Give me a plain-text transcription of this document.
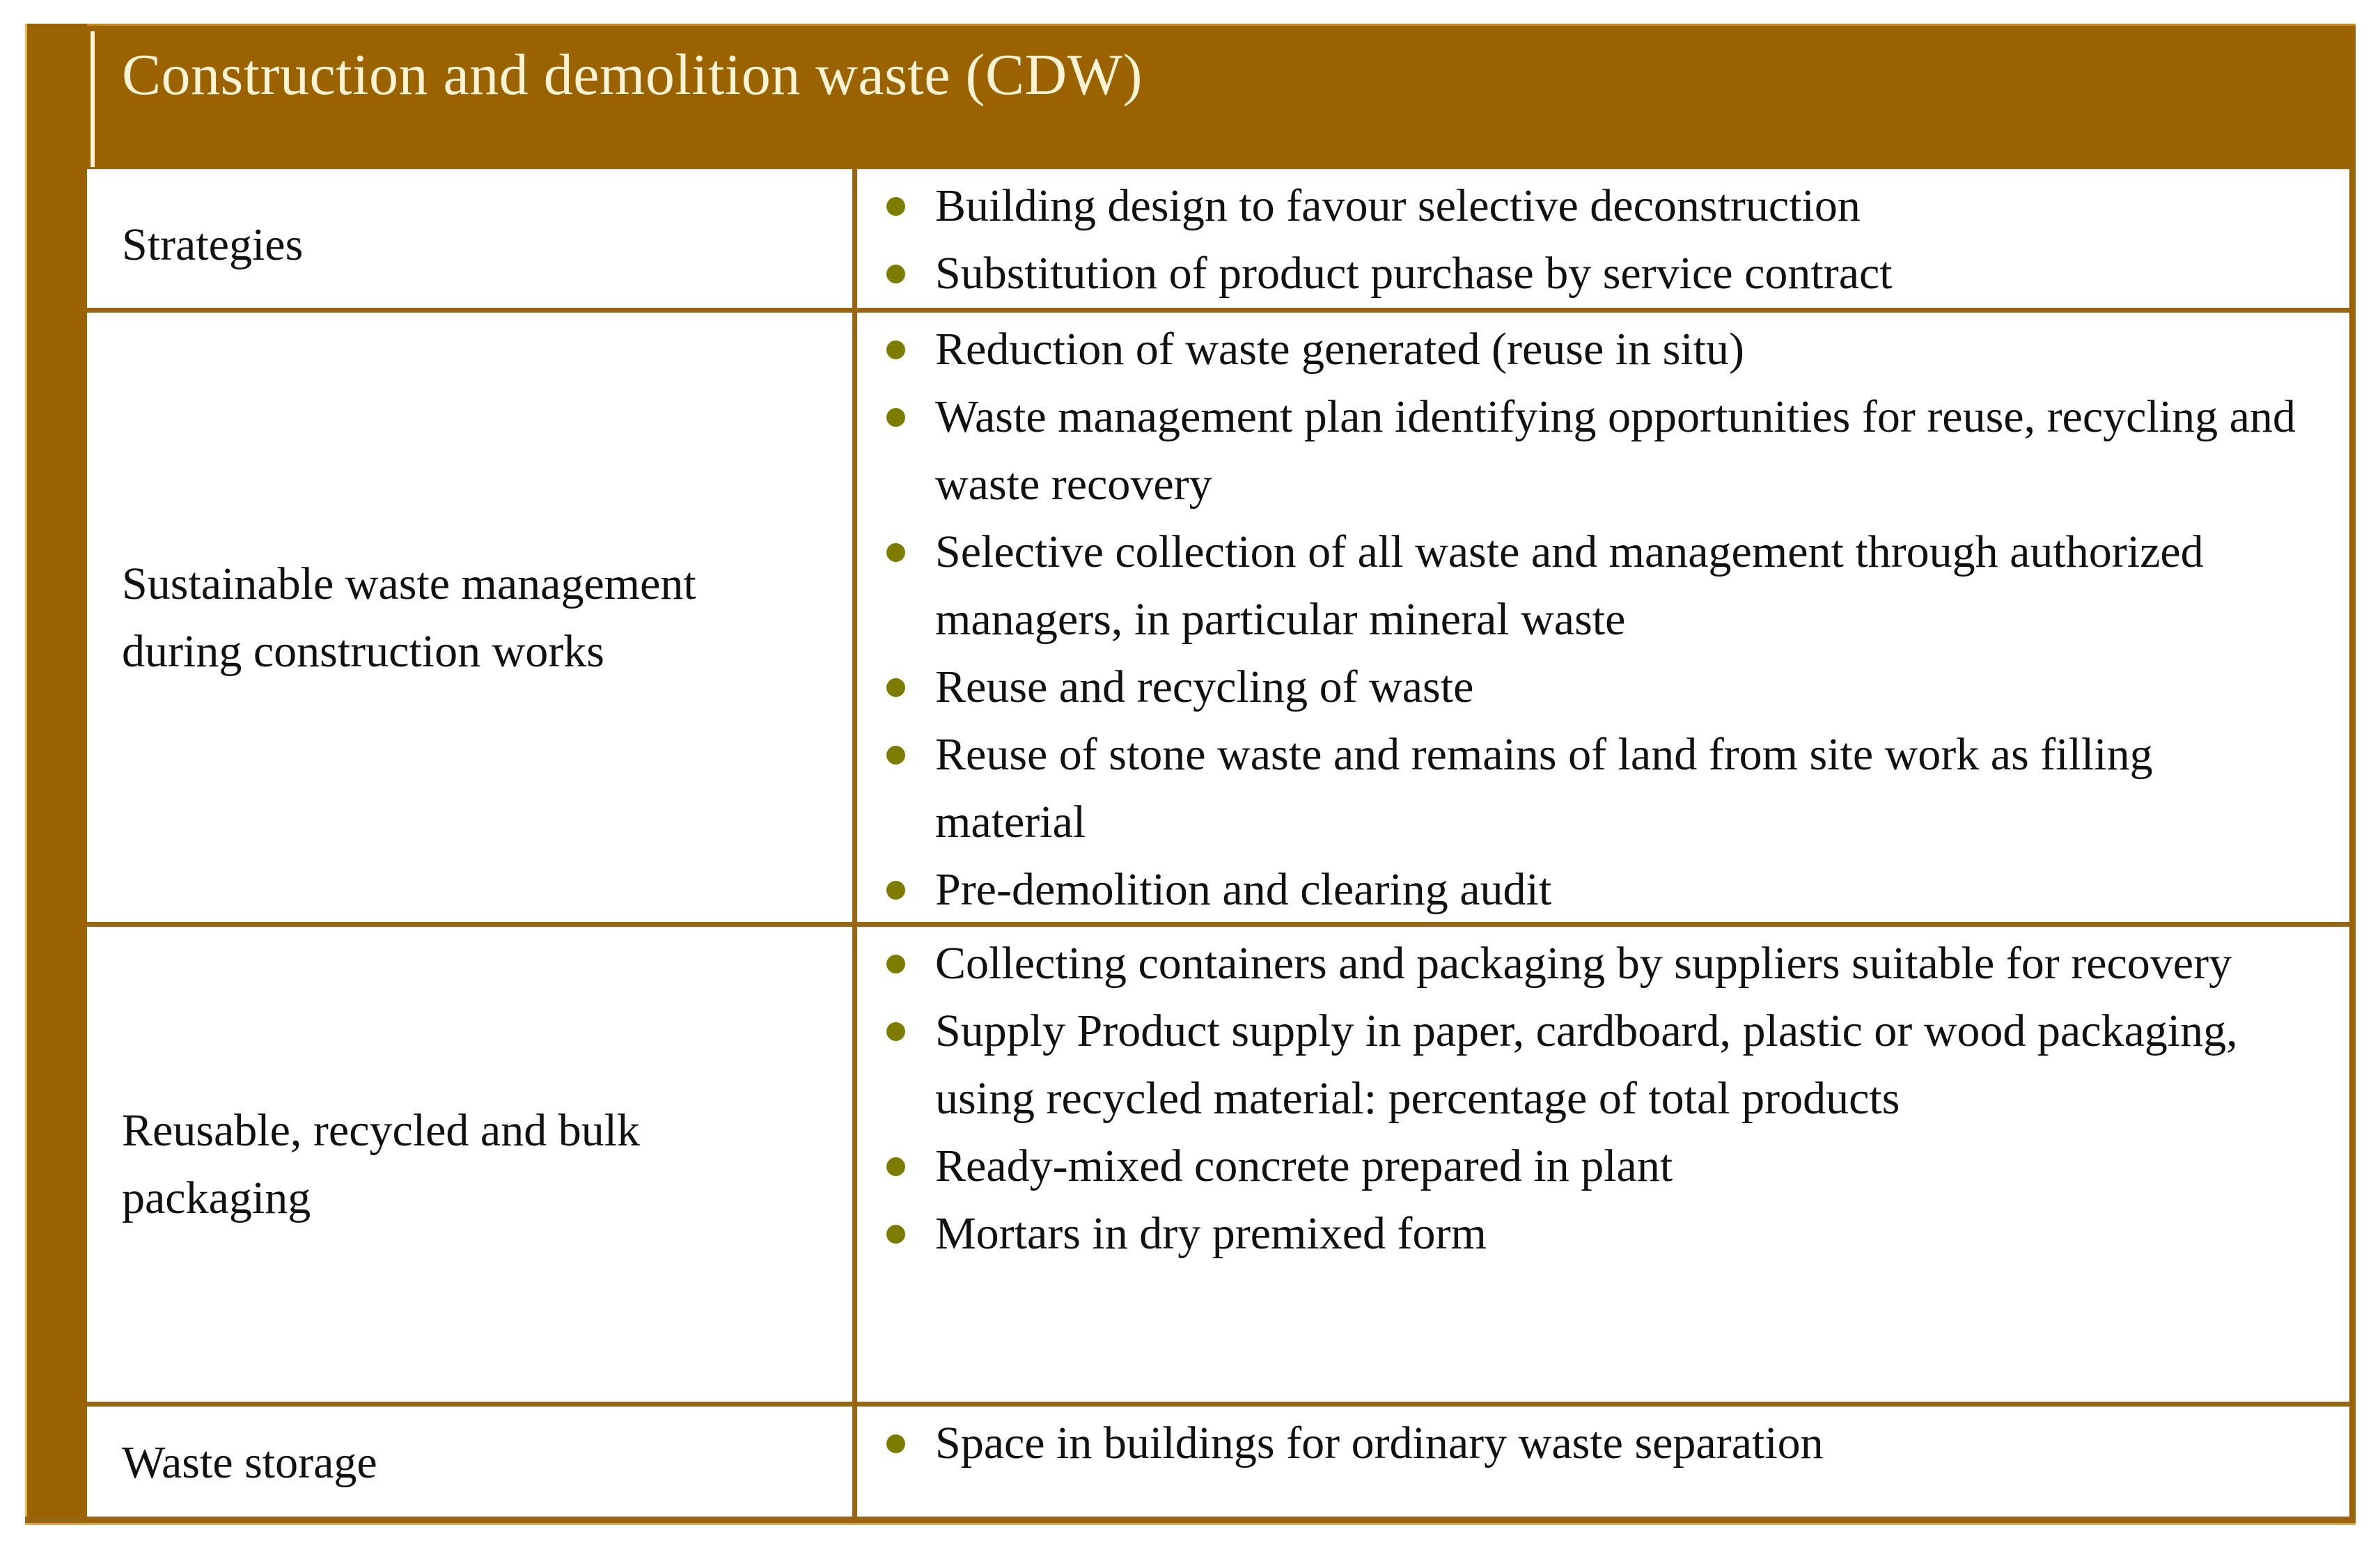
Construction and demolition waste (CDW)
Strategies
Building design to favour selective deconstruction
Substitution of product purchase by service contract
Sustainable waste management during construction works
Reduction of waste generated (reuse in situ)
Waste management plan identifying opportunities for reuse, recycling and waste recovery
Selective collection of all waste and management through authorized managers, in particular mineral waste
Reuse and recycling of waste
Reuse of stone waste and remains of land from site work as filling material
Pre-demolition and clearing audit
Reusable, recycled and bulk packaging
Collecting containers and packaging by suppliers suitable for recovery
Supply Product supply in paper, cardboard, plastic or wood packaging, using recycled material: percentage of total products
Ready-mixed concrete prepared in plant
Mortars in dry premixed form
Waste storage	Space in buildings for ordinary waste separation
